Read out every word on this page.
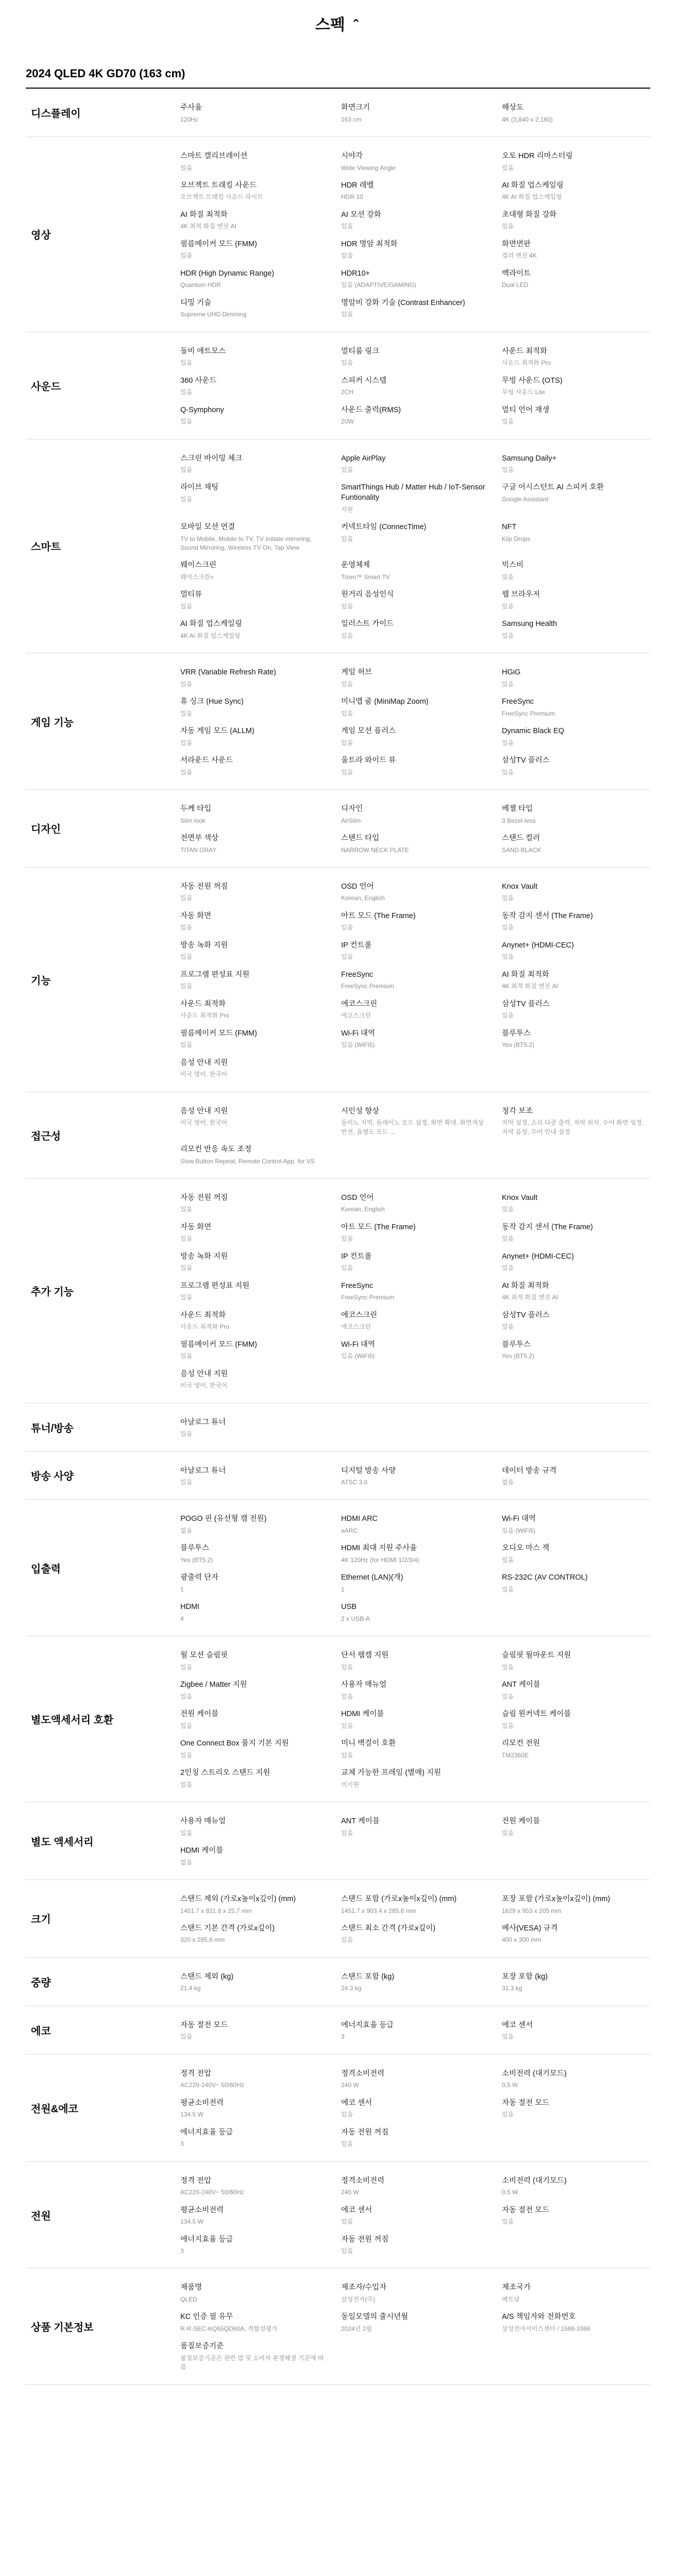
스펙 ⌃
2024 QLED 4K GD70 (163 cm)
디스플레이
주사율
120Hz
화면크기
163 cm
해상도
4K (3,840 x 2,160)
영상
스마트 캘리브레이션
있음
시야각
Wide Viewing Angle
오토 HDR 리마스터링
있음
오브젝트 트래킹 사운드
오브젝트 트래킹 사운드 라이트
HDR 레벨
HDR 10
AI 화질 업스케일링
4K AI 화질 업스케일링
AI 화질 최적화
4K 최적 화질 엔진 AI
AI 모션 강화
있음
초대형 화질 강화
있음
필름메이커 모드 (FMM)
있음
HDR 명암 최적화
있음
화면면판
컬러 엔진 4K
HDR (High Dynamic Range)
Quantum HDR
HDR10+
있음 (ADAPTIVE/GAMING)
백라이트
Dual LED
디밍 기술
Supreme UHD Dimming
명암비 강화 기술 (Contrast Enhancer)
있음
사운드
돌비 애트모스
있음
멀티룸 링크
있음
사운드 최적화
사운드 최적화 Pro
360 사운드
있음
스피커 시스템
2CH
무빙 사운드 (OTS)
무빙 사운드 Lite
Q-Symphony
있음
사운드 출력(RMS)
20W
멀티 언어 재생
있음
스마트
스크린 바이밍 체크
있음
Apple AirPlay
있음
Samsung Daily+
있음
라이브 채팅
있음
SmartThings Hub / Matter Hub / IoT-Sensor Funtionality
지원
구글 어시스턴트 AI 스피커 호환
Google Assistant
모바일 모션 연결
TV to Mobile, Mobile to TV, TV Initiate mirroring, Sound Mirroring, Wireless TV On, Tap View
커넥트타임 (ConnecTime)
있음
NFT
Klip Drops
웨이스크린
웨이스크린+
운영체제
Tizen™ Smart TV
빅스비
있음
멀티뷰
있음
원거리 음성인식
있음
웹 브라우저
있음
AI 화질 업스케일링
4K AI 화질 업스케일링
일러스트 가이드
있음
Samsung Health
있음
게임 기능
VRR (Variable Refresh Rate)
있음
게임 허브
있음
HGiG
있음
휴 싱크 (Hue Sync)
있음
미니맵 줌 (MiniMap Zoom)
있음
FreeSync
FreeSync Premium
자동 게임 모드 (ALLM)
있음
게임 모션 플러스
있음
Dynamic Black EQ
있음
서라운드 사운드
있음
울트라 와이드 뷰
있음
삼성TV 플러스
있음
디자인
두께 타입
Slim look
디자인
AirSlim
베젤 타입
3 Bezel-less
전면부 색상
TITAN GRAY
스탠드 타입
NARROW NECK PLATE
스탠드 컬러
SAND BLACK
기능
자동 전원 꺼짐
있음
OSD 언어
Korean, English
Knox Vault
있음
자동 화면
있음
아트 모드 (The Frame)
있음
동작 감지 센서 (The Frame)
있음
방송 녹화 지원
있음
IP 컨트롤
있음
Anynet+ (HDMI-CEC)
있음
프로그램 편성표 지원
있음
FreeSync
FreeSync Premium
AI 화질 최적화
4K 최적 화질 엔진 AI
사운드 최적화
사운드 최적화 Pro
에코스크린
에코스크린
삼성TV 플러스
있음
필름메이커 모드 (FMM)
있음
Wi-Fi 대역
있음 (WiFi5)
블루투스
Yes (BT5.2)
음성 안내 지원
비국 영어, 한국어
접근성
음성 안내 지원
비국 영어, 한국어
시인성 향상
돌비노 지역, 돌레이노 모드 설정, 화면 확대, 화면색상 반전, 음영도 모드 ...
청각 보조
자막 설정, 소리 다중 출력, 자막 위치, 수어 화면 설정, 자막 음성, 수어 안내 설정
리모컨 반응 속도 조정
Slow Button Repeat, Remote Control App. for VS
추가 기능
자동 전원 꺼짐
있음
OSD 언어
Korean, English
Knox Vault
있음
자동 화면
있음
아트 모드 (The Frame)
있음
동작 감지 센서 (The Frame)
있음
방송 녹화 지원
있음
IP 컨트롤
있음
Anynet+ (HDMI-CEC)
있음
프로그램 편성표 지원
있음
FreeSync
FreeSync Premium
AI 화질 최적화
4K 최적 화질 엔진 AI
사운드 최적화
사운드 최적화 Pro
에코스크린
에코스크린
삼성TV 플러스
있음
필름메이커 모드 (FMM)
있음
Wi-Fi 대역
있음 (WiFi5)
블루투스
Yes (BT5.2)
음성 안내 지원
비국 영어, 한국어
튜너/방송
아날로그 튜너
있음
방송 사양
아날로그 튜너
있음
디지털 방송 사양
ATSC 3.0
데이터 방송 규격
없음
입출력
POGO 핀 (유선형 캠 전원)
없음
HDMI ARC
eARC
Wi-Fi 대역
있음 (WiFi5)
블루투스
Yes (BT5.2)
HDMI 최대 지원 주사율
4K 120Hz (for HDMI 1/2/3/4)
오디오 마스 잭
있음
광출력 단자
1
Ethernet (LAN)(개)
1
RS-232C (AV CONTROL)
있음
HDMI
4
USB
2 x USB-A
별도액세서리 호환
월 모션 슬림핏
있음
단서 웹캠 지원
있음
슬림핏 월마운트 지원
있음
Zigbee / Matter 지원
있음
사용자 매뉴얼
있음
ANT 케이블
있음
전원 케이블
있음
HDMI 케이블
있음
슬림 원커넥트 케이블
있음
One Connect Box 풀지 기본 지원
있음
미니 벽걸이 호환
있음
리모컨 전원
TM2360E
2인칭 스트리오 스탠드 지원
있음
교체 가능한 프레임 (별매) 지원
미지원
별도 액세서리
사용자 매뉴얼
있음
ANT 케이블
있음
전원 케이블
있음
HDMI 케이블
없음
크기
스탠드 제외 (가로x높이x깊이) (mm)
1451.7 x 831.8 x 25.7 mm
스탠드 포함 (가로x높이x깊이) (mm)
1451.7 x 903.4 x 285.6 mm
포장 포함 (가로x높이x깊이) (mm)
1629 x 953 x 205 mm
스탠드 기본 간격 (가로x깊이)
320 x 285.6 mm
스탠드 최소 간격 (가로x깊이)
있음
베사(VESA) 규격
400 x 300 mm
중량
스탠드 제외 (kg)
21.4 kg
스탠드 포함 (kg)
24.3 kg
포장 포함 (kg)
31.3 kg
에코
자동 절전 모드
있음
에너지효율 등급
3
에코 센서
있음
전원&에코
정격 전압
AC220-240V~ 50/60Hz
정격소비전력
240 W
소비전력 (대기모드)
0.5 W
평균소비전력
134.5 W
에코 센서
있음
자동 절전 모드
있음
에너지효율 등급
3
자동 전원 꺼짐
있음
전원
정격 전압
AC220-240V~ 50/60Hz
정격소비전력
240 W
소비전력 (대기모드)
0.5 W
평균소비전력
134.5 W
에코 센서
있음
자동 절전 모드
있음
에너지효율 등급
3
자동 전원 꺼짐
있음
상품 기본정보
제품명
QLED
제조자/수입자
삼성전자(주)
제조국가
베트남
KC 인증 필 유무
R-R-SEC-KQ65QD60A, 적합성평가
동일모델의 출시년월
2024년 2월
A/S 책임자와 전화번호
삼성전자서비스센터 / 1588-3366
품질보증기준
품질보증기준은 관련 법 및 소비자 분쟁해결 기준에 따름
